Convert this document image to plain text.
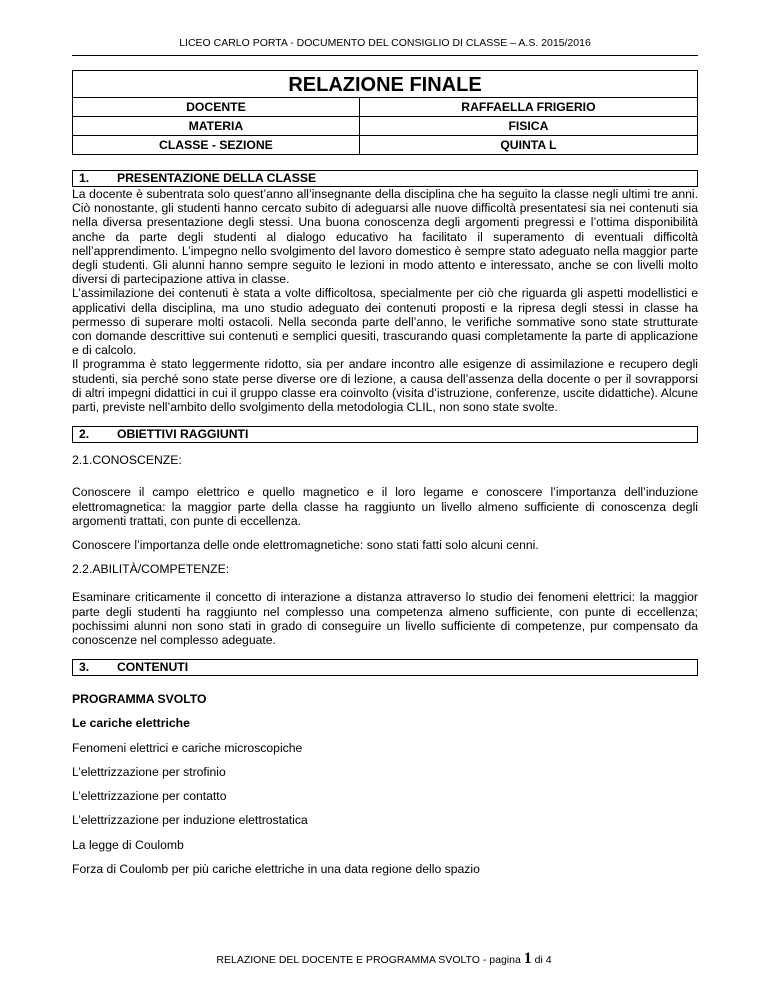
LICEO CARLO PORTA - DOCUMENTO DEL CONSIGLIO DI CLASSE – A.S. 2015/2016
RELAZIONE FINALE	
DOCENTE	RAFFAELLA FRIGERIO
MATERIA	FISICA
CLASSE - SEZIONE	QUINTA L
1. PRESENTAZIONE DELLA CLASSE

La docente è subentrata solo quest’anno all’insegnante della disciplina che ha seguito la classe negli ultimi tre anni. Ciò nonostante, gli studenti hanno cercato subito di adeguarsi alle nuove difficoltà presentatesi sia nei contenuti sia nella diversa presentazione degli stessi. Una buona conoscenza degli argomenti pregressi e l’ottima disponibilità anche da parte degli studenti al dialogo educativo ha facilitato il superamento di eventuali difficoltà nell’apprendimento. L’impegno nello svolgimento del lavoro domestico è sempre stato adeguato nella maggior parte degli studenti. Gli alunni hanno sempre seguito le lezioni in modo attento e interessato, anche se con livelli molto diversi di partecipazione attiva in classe.

L’assimilazione dei contenuti è stata a volte difficoltosa, specialmente per ciò che riguarda gli aspetti modellistici e applicativi della disciplina, ma uno studio adeguato dei contenuti proposti e la ripresa degli stessi in classe ha permesso di superare molti ostacoli. Nella seconda parte dell’anno, le verifiche sommative sono state strutturate con domande descrittive sui contenuti e semplici quesiti, trascurando quasi completamente la parte di applicazione e di calcolo.

Il programma è stato leggermente ridotto, sia per andare incontro alle esigenze di assimilazione e recupero degli studenti, sia perché sono state perse diverse ore di lezione, a causa dell’assenza della docente o per il sovrapporsi di altri impegni didattici in cui il gruppo classe era coinvolto (visita d’istruzione, conferenze, uscite didattiche). Alcune parti, previste nell’ambito dello svolgimento della metodologia CLIL, non sono state svolte.

2. OBIETTIVI RAGGIUNTI

2.1.CONOSCENZE:

Conoscere il campo elettrico e quello magnetico e il loro legame e conoscere l’importanza dell’induzione elettromagnetica: la maggior parte della classe ha raggiunto un livello almeno sufficiente di conoscenza degli argomenti trattati, con punte di eccellenza.

Conoscere l’importanza delle onde elettromagnetiche: sono stati fatti solo alcuni cenni.

2.2.ABILITÀ/COMPETENZE:

Esaminare criticamente il concetto di interazione a distanza attraverso lo studio dei fenomeni elettrici: la maggior parte degli studenti ha raggiunto nel complesso una competenza almeno sufficiente, con punte di eccellenza; pochissimi alunni non sono stati in grado di conseguire un livello sufficiente di competenze, pur compensato da conoscenze nel complesso adeguate.

3. CONTENUTI

PROGRAMMA SVOLTO

Le cariche elettriche

Fenomeni elettrici e cariche microscopiche

L’elettrizzazione per strofinio

L’elettrizzazione per contatto

L’elettrizzazione per induzione elettrostatica

La legge di Coulomb

Forza di Coulomb per più cariche elettriche in una data regione dello spazio

RELAZIONE DEL DOCENTE E PROGRAMMA SVOLTO - pagina 1 di 4
